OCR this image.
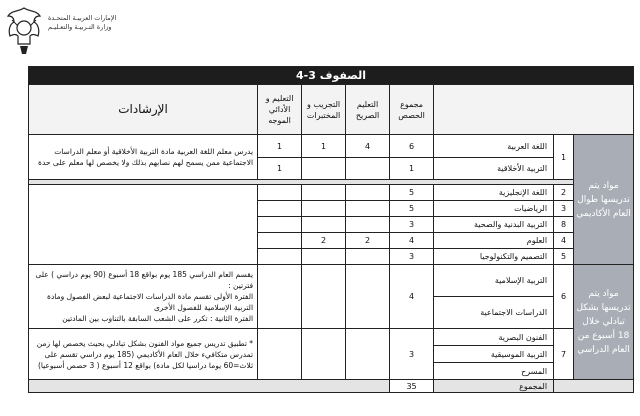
الإمارات العربيـة المتحـدة
وزارة التـربيـة والتعـليـم
الصفوف 3-4							
			مجموع الحصص	التعليم الصريح	التجريب و المختبرات	التعليم و الأدائي الموجه	الإرشادات
مواد يتم تدريسها طوال العام الأكاديمي	1	اللغة العربية	6	4	1	1	يدرس معلم اللغة العربية مادة التربية الأخلاقية أو معلم الدراسات الاجتماعية ممن يسمح لهم نصابهم بذلك ولا يخصص لها معلم على حدة
		التربية الأخلاقية	1			1	

	2	اللغة الإنجليزية	5				
	3	الرياضيات	5				
	8	التربية البدنية والصحية	3				
	4	العلوم	4	2	2		
	5	التصميم والتكنولوجيا	3				
مواد يتم تدريسها بشكل تبادلي خلال 18 أسبوع من العام الدراسي	6	التربية الإسلامية	4				يقسم العام الدراسي 185 يوم بواقع 18 أسبوع (90 يوم دراسي ) على فترتين :
الفترة الأولى تقسم مادة الدراسات الاجتماعية لبعض الفصول ومادة التربية الإسلامية للفصول الأخرى
الفترة الثانية : تكرر على الشعب السابقة بالتناوب بين المادتين

		الدراسات الاجتماعية					
	7	الفنون البصرية	3				* تطبيق تدريس جميع مواد الفنون بشكل تبادلي بحيث يخصص لها زمن تمدرس متكافيء خلال العام الأكاديمي (185 يوم دراسي تقسم على ثلاث=60 يوما دراسيا لكل مادة) بواقع 12 أسبوع ( 3 حصص أسبوعيا)
		التربية الموسيقية					
		المسرح					
		المجموع	35				
